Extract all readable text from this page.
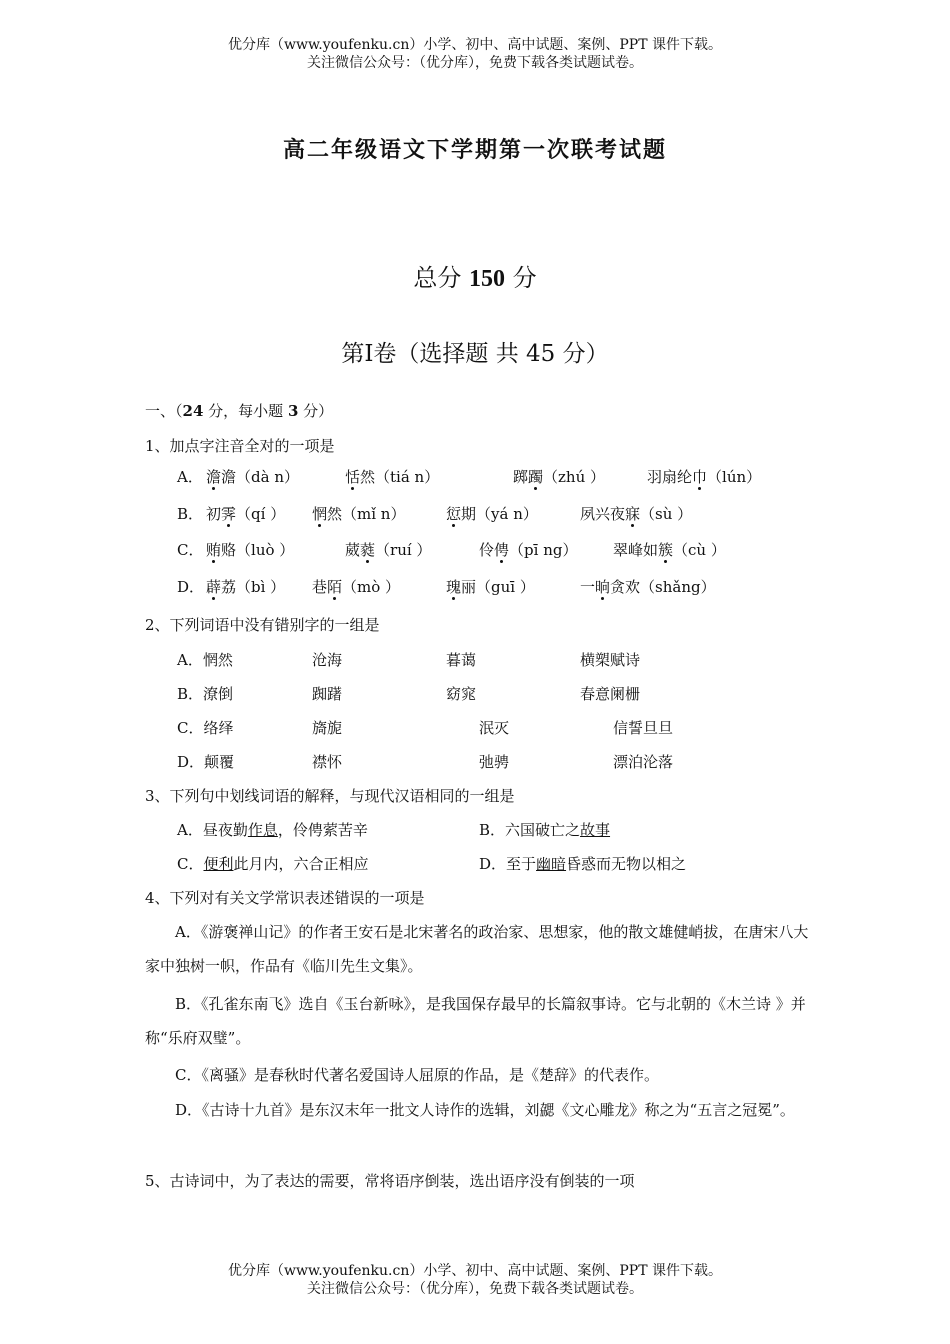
优分库（www.youfenku.cn）小学、初中、高中试题、案例、PPT 课件下载。
关注微信公众号：（优分库），免费下载各类试题试卷。
高二年级语文下学期第一次联考试题
总分 150 分
第Ⅰ卷（选择题 共 45 分）
一、（24 分，每小题 3 分）
1、加点字注音全对的一项是
A． 澹澹（dà n）	恬然（tiá n）	踯躅（zhú ）	羽扇纶巾（lún）
B． 初霁（qí ） 惘然（mǐ n）	愆期（yá n）	夙兴夜寐（sù ）
C． 贿赂（luò ）	葳蕤（ruí ）	伶俜（pī ng） 翠峰如簇（cù ）
D． 薜荔（bì ） 巷陌（mò ）	瑰丽（guī ）	一晌贪欢（shǎng）
2、下列词语中没有错别字的一组是
A．惘然	沧海	暮蔼	横槊赋诗
B．潦倒	踟躇	窈窕	春意阑栅
C．络绎	旖旎	泯灭	信誓旦旦
D．颠覆	襟怀	弛骋	漂泊沦落
3、下列句中划线词语的解释，与现代汉语相同的一组是
A．昼夜勤作息，伶俜萦苦辛	B．六国破亡之故事
C．便利此月内，六合正相应	D．至于幽暗昏惑而无物以相之
4、下列对有关文学常识表述错误的一项是
A．《游褒禅山记》的作者王安石是北宋著名的政治家、思想家，他的散文雄健峭拔，在唐宋八大家中独树一帜，作品有《临川先生文集》。
B．《孔雀东南飞》选自《玉台新咏》，是我国保存最早的长篇叙事诗。它与北朝的《木兰诗 》并称“乐府双璧”。
C．《离骚》是春秋时代著名爱国诗人屈原的作品，是《楚辞》的代表作。
D．《古诗十九首》是东汉末年一批文人诗作的选辑，刘勰《文心雕龙》称之为“五言之冠冕”。
5、古诗词中，为了表达的需要，常将语序倒装，选出语序没有倒装的一项
优分库（www.youfenku.cn）小学、初中、高中试题、案例、PPT 课件下载。
关注微信公众号：（优分库），免费下载各类试题试卷。
